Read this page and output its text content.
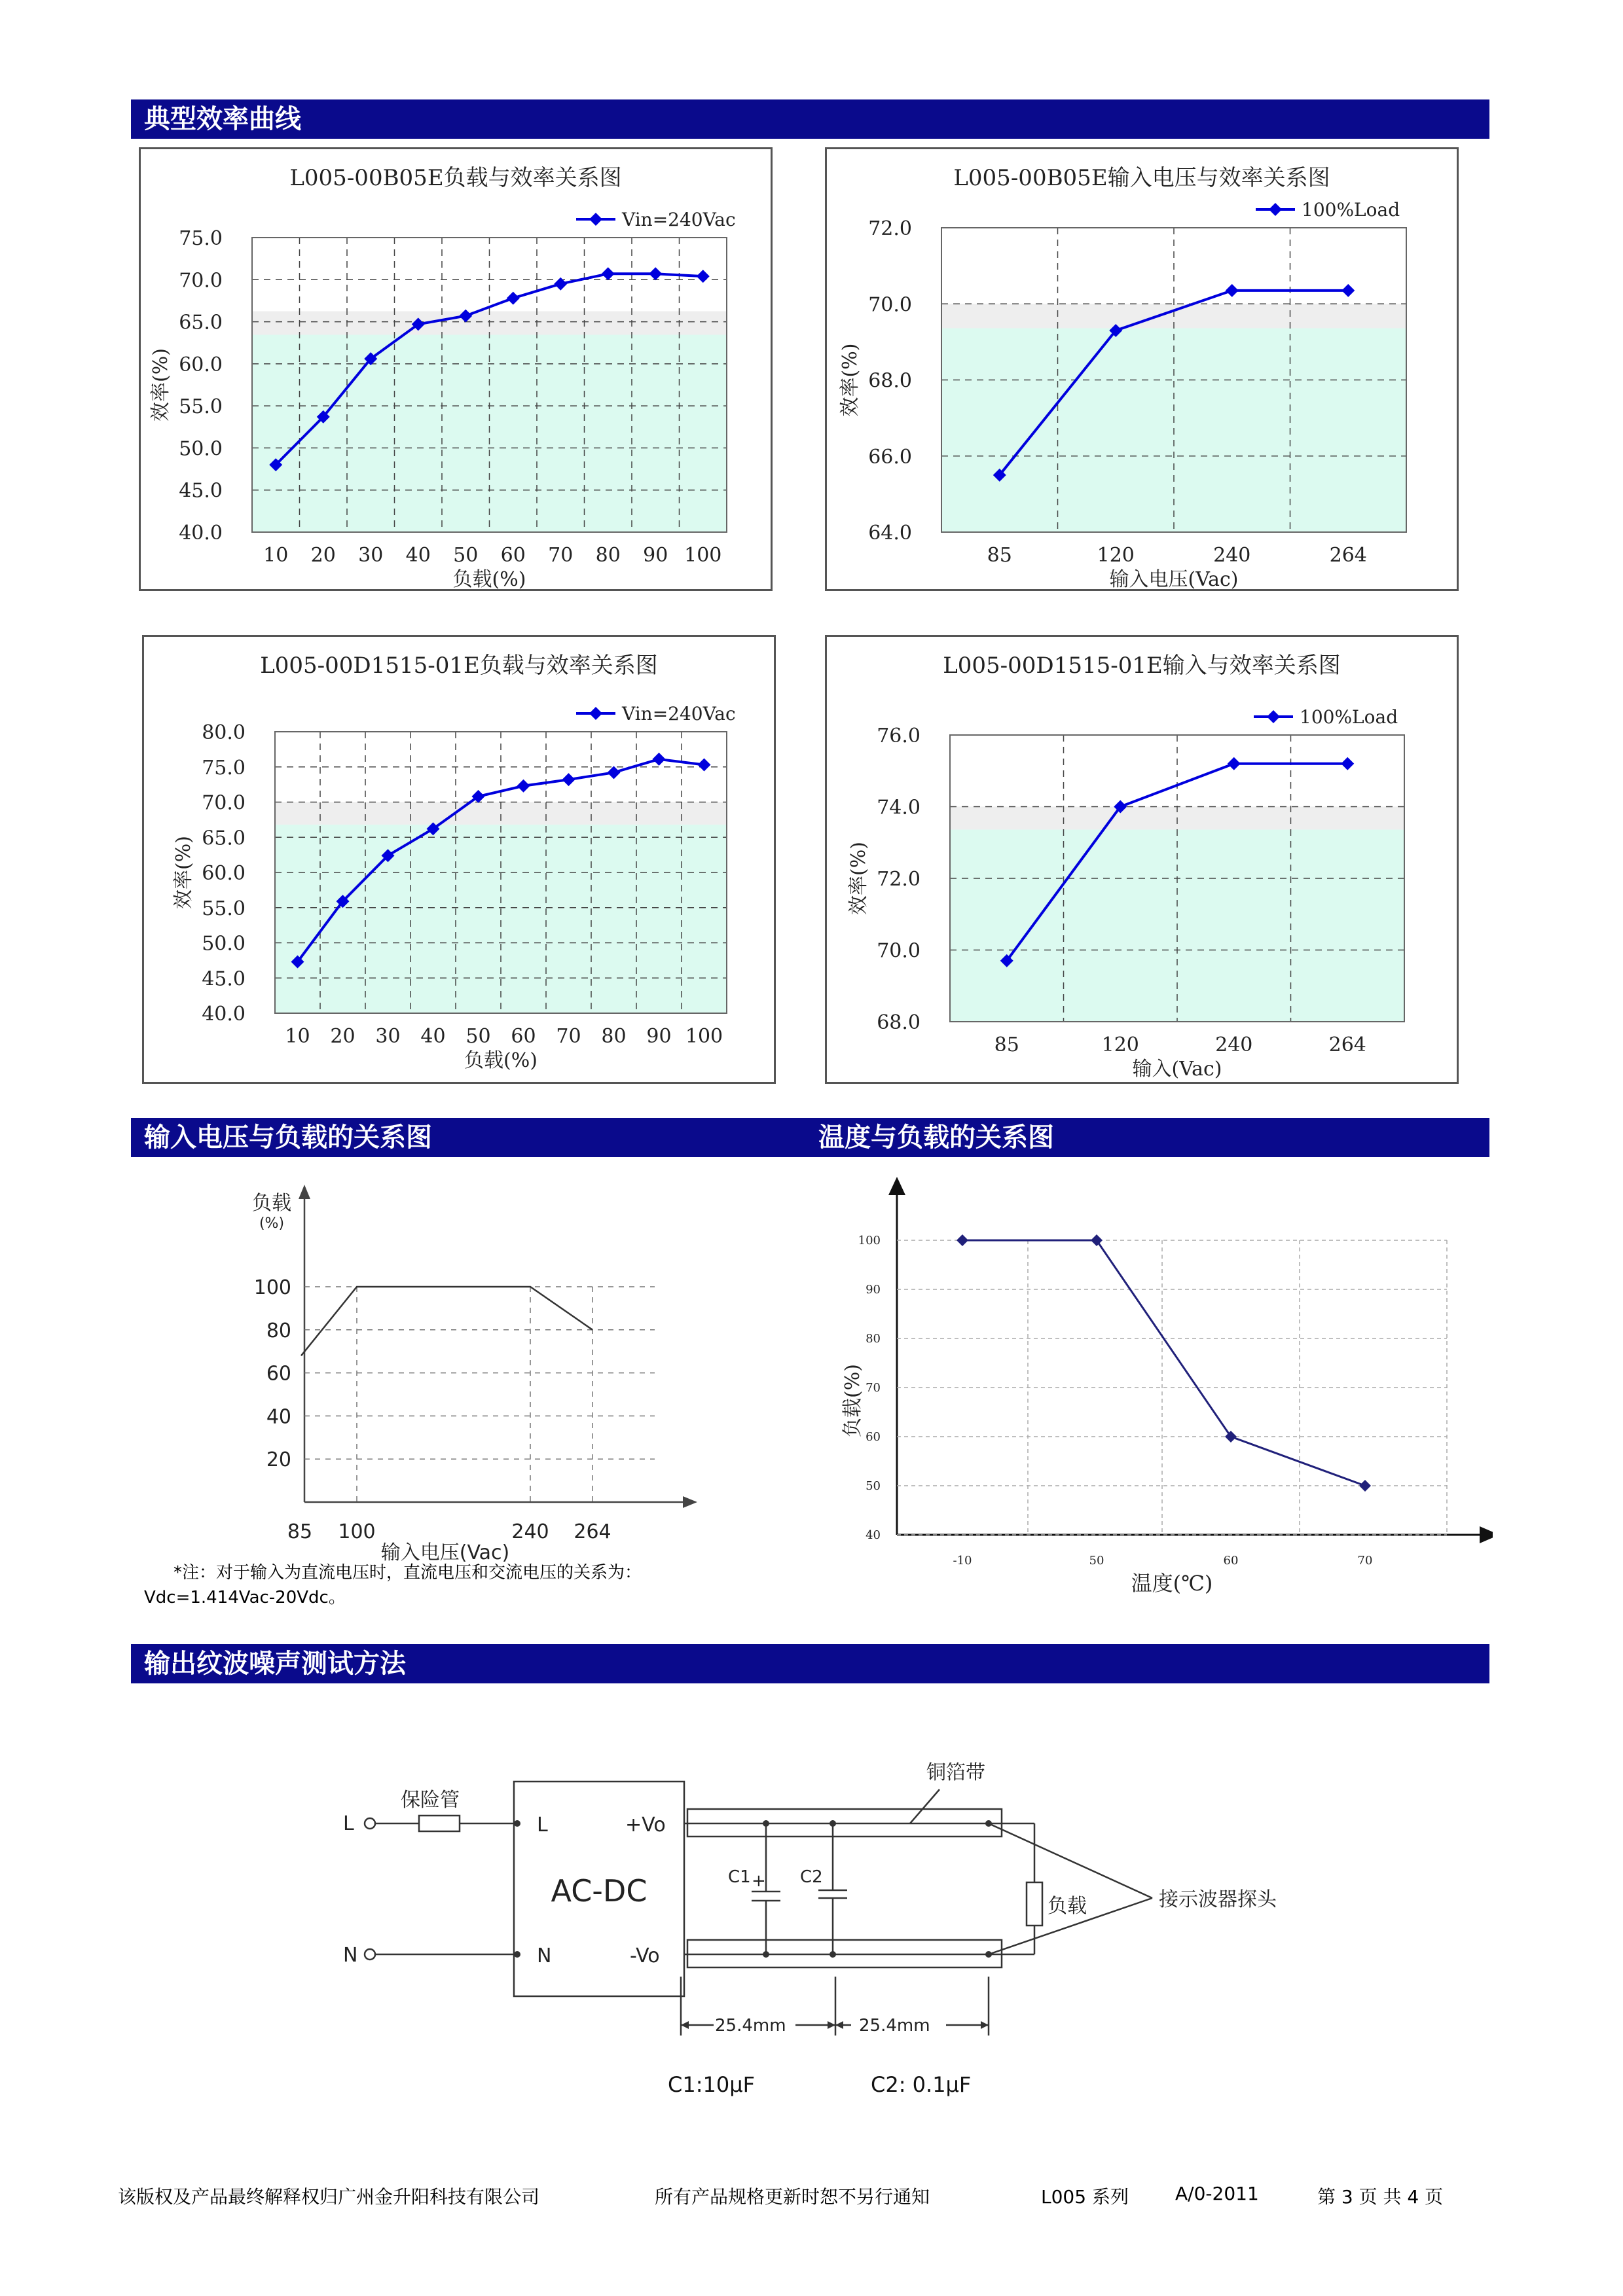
典型效率曲线
输入电压与负载的关系图	温度与负载的关系图
输出纹波噪声测试方法
75.0
70.0
65.0
60.0
55.0
50.0
45.0
40.0
10 20 30 40 50 60 70 80 90 100
L005-00B05E负载与效率关系图
负载(%)
效率(%)
Vin=240Vac	72.0
70.0
68.0
66.0
64.0
85	120	240	264
L005-00B05E输入电压与效率关系图
输入电压(Vac)
效率(%)
100%Load
80.0
75.0
70.0
65.0
60.0
55.0
50.0
45.0
40.0
10 20 30 40 50 60 70 80 90 100
L005-00D1515-01E负载与效率关系图
负载(%)
效率(%)
Vin=240Vac
76.0
74.0
72.0
70.0
68.0
85	120	240	264
L005-00D1515-01E输入与效率关系图
输入(Vac)
效率(%)
100%Load
100
80
60
40
20
85 100	240 264
负载
(%)
输入电压(Vac)
100
90
80
70
60
50
40
-10	50	60	70
温度(℃)
负载(%)
*注：对于输入为直流电压时，直流电压和交流电压的关系为：
Vdc=1.414Vac-20Vdc。
L
N
保险管
L
N
+Vo
-Vo
铜箔带
负载	接示波器探头
AC-DC	C1	C2
25.4mm	25.4mm
+
C1:10μF	C2: 0.1μF
该版权及产品最终解释权归广州金升阳科技有限公司	所有产品规格更新时恕不另行通知	L005 系列	A/0-2011	第 3 页 共 4 页
